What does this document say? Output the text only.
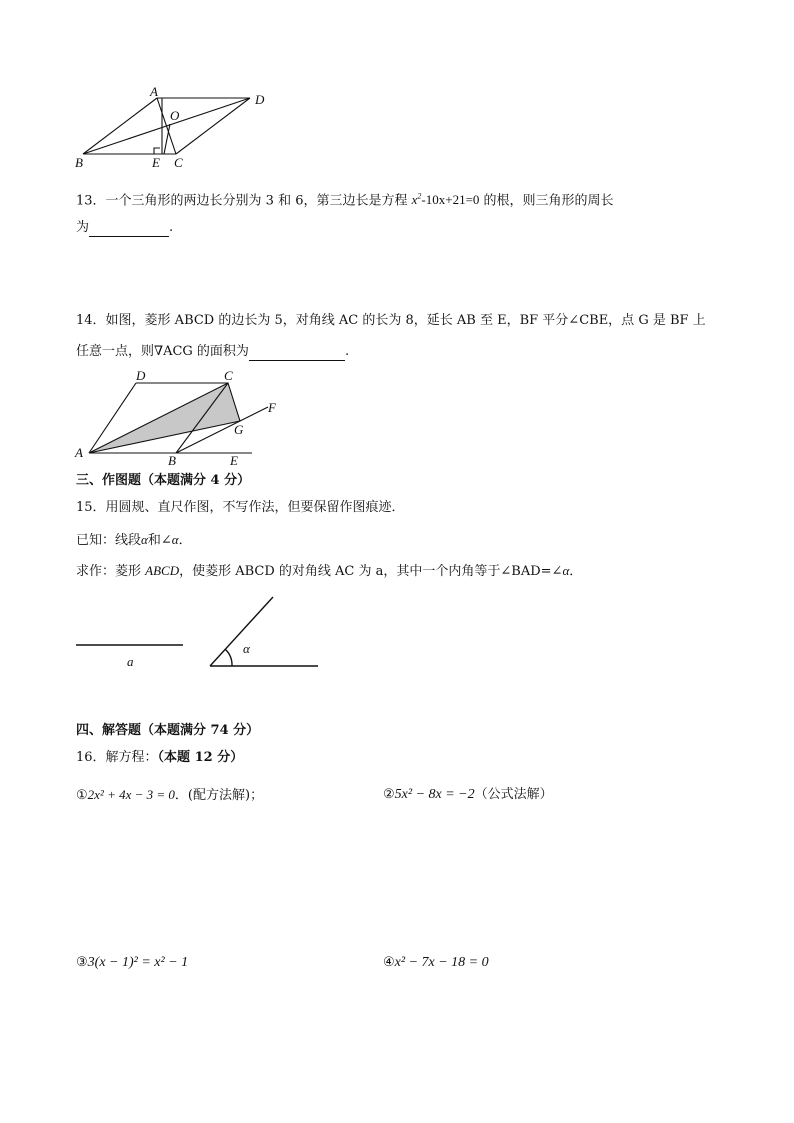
A
D
O
B	E C
13．一个三角形的两边长分别为 3 和 6，第三边长是方程 $x^2-10x+21=0$ 的根，则三角形的周长
为	.
14．如图，菱形 ABCD 的边长为 5，对角线 AC 的长为 8，延长 AB 至 E，BF 平分∠CBE，点 G 是 BF 上
任意一点，则∇ACG 的面积为	.
D	C
F
G
A
B	E
三、作图题（本题满分 4 分）
15．用圆规、直尺作图，不写作法，但要保留作图痕迹．
已知：线段α和∠α．
求作：菱形 ABCD，使菱形 ABCD 的对角线 AC 为 a，其中一个内角等于∠BAD=∠α．
a
α
四、解答题（本题满分 74 分）
16．解方程：（本题 12 分）
①2x² + 4x − 3 = 0．(配方法解)；	②5x² − 8x = −2（公式法解）
③3(x − 1)² = x² − 1	④x² − 7x − 18 = 0
